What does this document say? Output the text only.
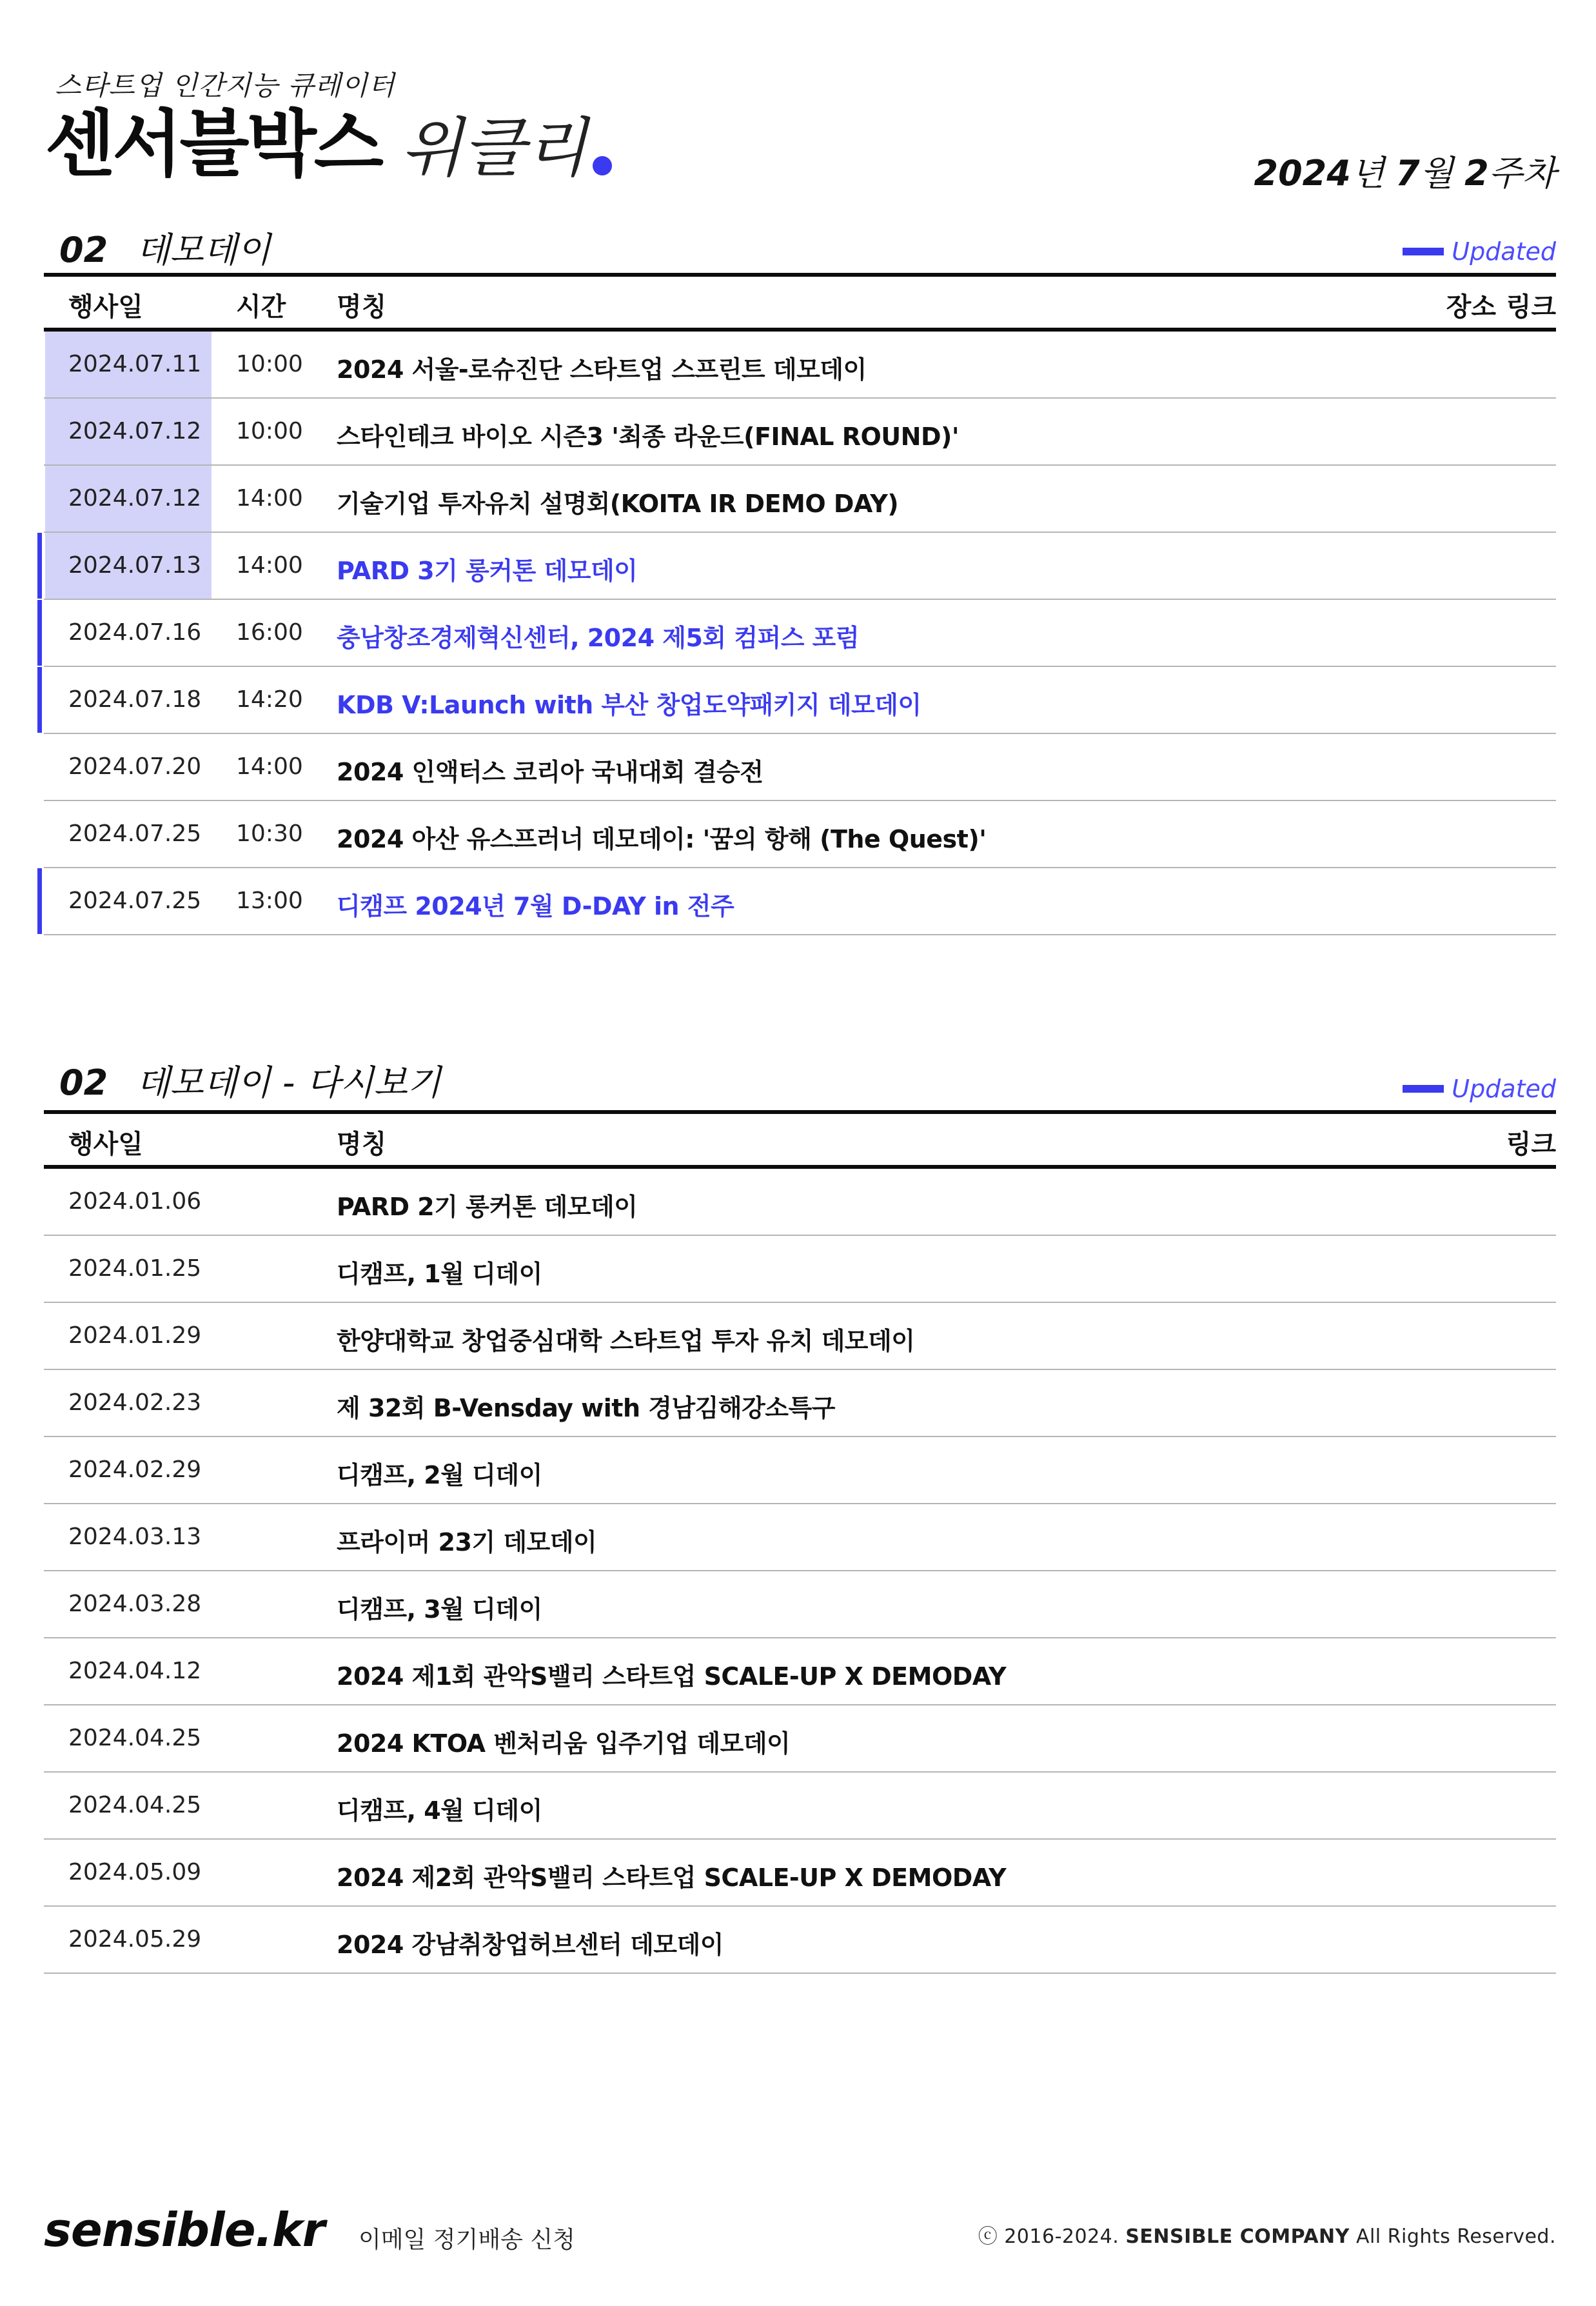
스타트업 인간지능 큐레이터
센서블박스 위클리	2024년 7월 2주차
02 데모데이	Updated
행사일	시간 명칭	장소 링크
2024.07.11 10:00 2024 서울-로슈진단 스타트업 스프린트 데모데이
2024.07.12 10:00 스타인테크 바이오 시즌3 '최종 라운드(FINAL ROUND)'
2024.07.12 14:00 기술기업 투자유치 설명회(KOITA IR DEMO DAY)
2024.07.13 14:00 PARD 3기 롱커톤 데모데이
2024.07.16 16:00 충남창조경제혁신센터, 2024 제5회 컴퍼스 포럼
2024.07.18 14:20 KDB V:Launch with 부산 창업도약패키지 데모데이
2024.07.20 14:00 2024 인액터스 코리아 국내대회 결승전
2024.07.25 10:30 2024 아산 유스프러너 데모데이: '꿈의 항해 (The Quest)'
2024.07.25 13:00 디캠프 2024년 7월 D-DAY in 전주
02 데모데이 - 다시보기	Updated
행사일	명칭	링크
2024.01.06	PARD 2기 롱커톤 데모데이
2024.01.25	디캠프, 1월 디데이
2024.01.29	한양대학교 창업중심대학 스타트업 투자 유치 데모데이
2024.02.23	제 32회 B-Vensday with 경남김해강소특구
2024.02.29	디캠프, 2월 디데이
2024.03.13	프라이머 23기 데모데이
2024.03.28	디캠프, 3월 디데이
2024.04.12	2024 제1회 관악S밸리 스타트업 SCALE-UP X DEMODAY
2024.04.25	2024 KTOA 벤처리움 입주기업 데모데이
2024.04.25	디캠프, 4월 디데이
2024.05.09	2024 제2회 관악S밸리 스타트업 SCALE-UP X DEMODAY
2024.05.29	2024 강남취창업허브센터 데모데이
sensible.kr 이메일 정기배송 신청	ⓒ 2016-2024. SENSIBLE COMPANY All Rights Reserved.
